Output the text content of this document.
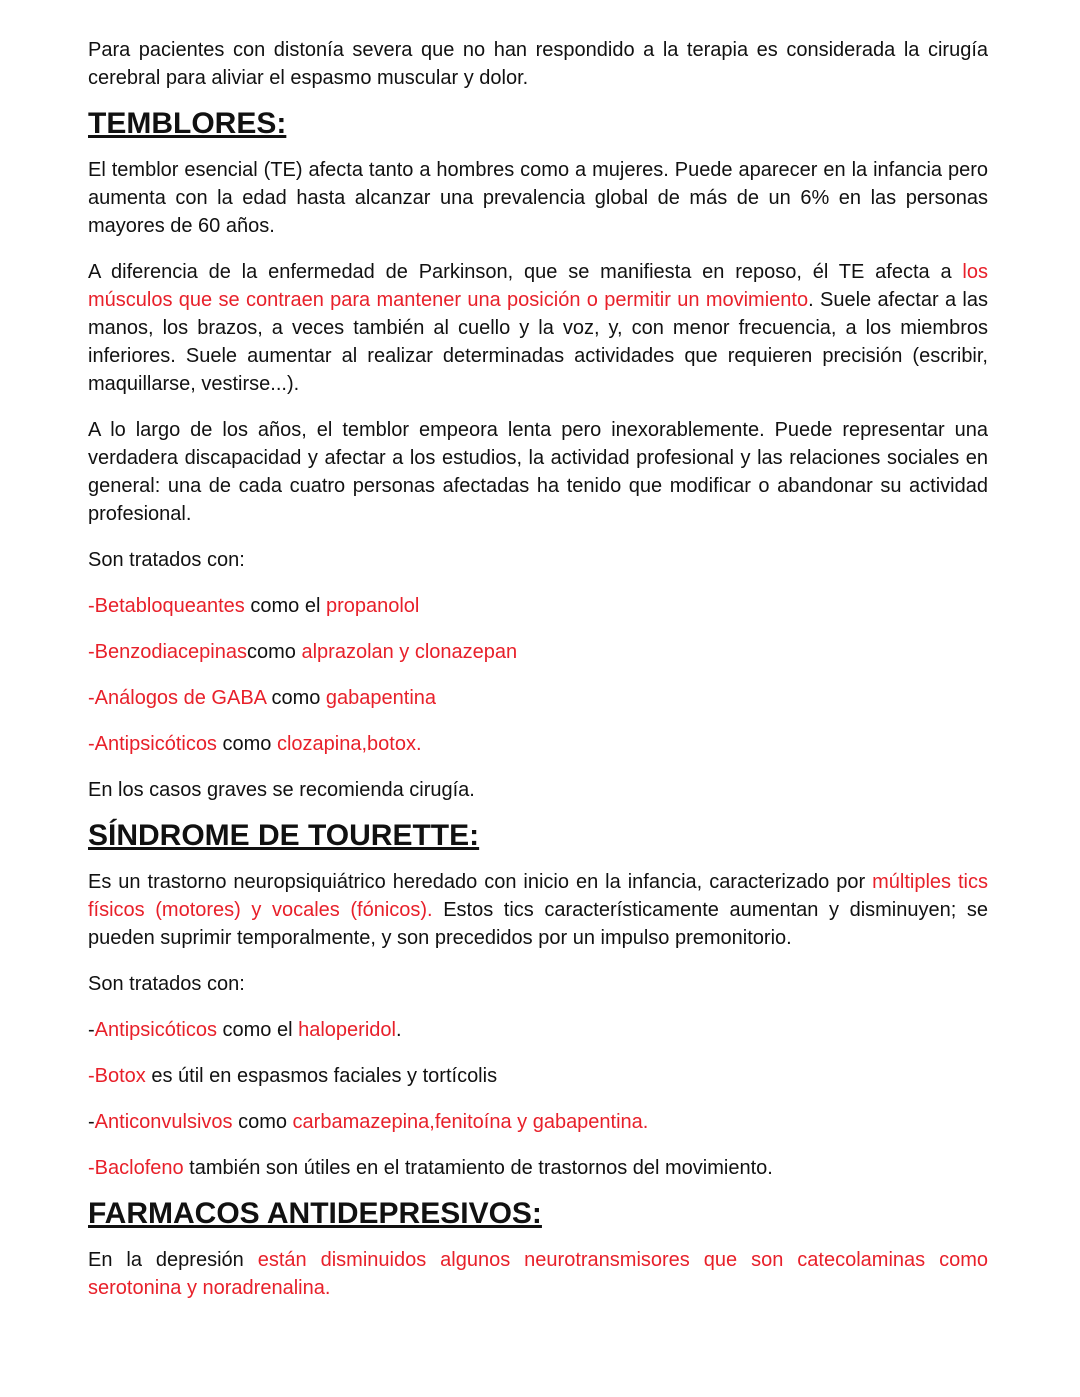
Para pacientes con distonía severa que no han respondido a la terapia es considerada la cirugía cerebral para aliviar el espasmo muscular y dolor.

TEMBLORES:

El temblor esencial (TE) afecta tanto a hombres como a mujeres. Puede aparecer en la infancia pero aumenta con la edad hasta alcanzar una prevalencia global de más de un 6% en las personas mayores de 60 años.

A diferencia de la enfermedad de Parkinson, que se manifiesta en reposo, él TE afecta a los músculos que se contraen para mantener una posición o permitir un movimiento. Suele afectar a las manos, los brazos, a veces también al cuello y la voz, y, con menor frecuencia, a los miembros inferiores. Suele aumentar al realizar determinadas actividades que requieren precisión (escribir, maquillarse, vestirse...).

A lo largo de los años, el temblor empeora lenta pero inexorablemente. Puede representar una verdadera discapacidad y afectar a los estudios, la actividad profesional y las relaciones sociales en general: una de cada cuatro personas afectadas ha tenido que modificar o abandonar su actividad profesional.

Son tratados con:

-Betabloqueantes como el propanolol

-Benzodiacepinascomo alprazolan y clonazepan

-Análogos de GABA como gabapentina

-Antipsicóticos como clozapina,botox.

En los casos graves se recomienda cirugía.

SÍNDROME DE TOURETTE:

Es un trastorno neuropsiquiátrico heredado con inicio en la infancia, caracterizado por múltiples tics físicos (motores) y vocales (fónicos). Estos tics característicamente aumentan y disminuyen; se pueden suprimir temporalmente, y son precedidos por un impulso premonitorio.

Son tratados con:

-Antipsicóticos como el haloperidol.

-Botox es útil en espasmos faciales y tortícolis

-Anticonvulsivos como carbamazepina,fenitoína y gabapentina.

-Baclofeno también son útiles en el tratamiento de trastornos del movimiento.

FARMACOS ANTIDEPRESIVOS:

En la depresión están disminuidos algunos neurotransmisores que son catecolaminas como serotonina y noradrenalina.
